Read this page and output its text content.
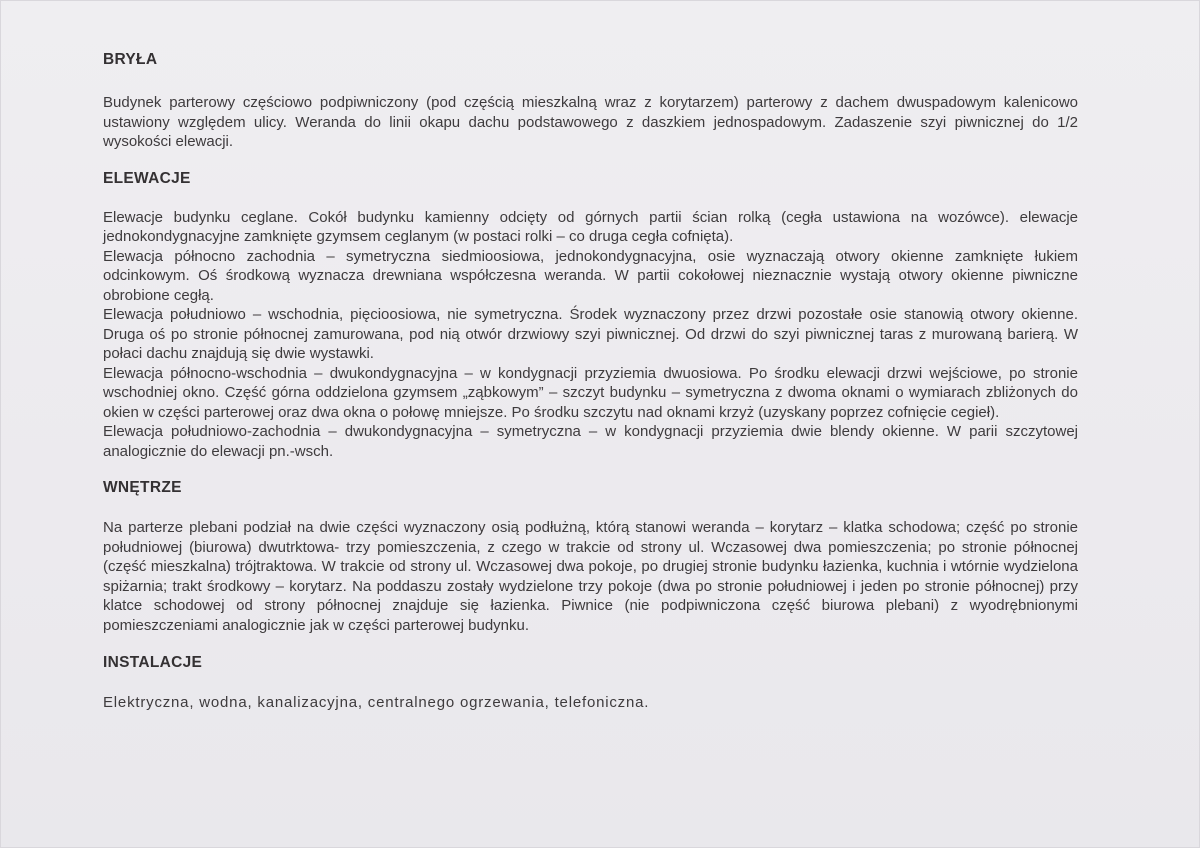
BRYŁA

Budynek parterowy częściowo podpiwniczony (pod częścią mieszkalną wraz z korytarzem) parterowy z dachem dwuspadowym kalenicowo ustawiony względem ulicy. Weranda do linii okapu dachu podstawowego z daszkiem jednospadowym. Zadaszenie szyi piwnicznej do 1/2 wysokości elewacji.

ELEWACJE

Elewacje budynku ceglane. Cokół budynku kamienny odcięty od górnych partii ścian rolką (cegła ustawiona na wozówce). elewacje jednokondygnacyjne zamknięte gzymsem ceglanym (w postaci rolki – co druga cegła cofnięta).

Elewacja północno zachodnia – symetryczna siedmioosiowa, jednokondygnacyjna, osie wyznaczają otwory okienne zamknięte łukiem odcinkowym. Oś środkową wyznacza drewniana współczesna weranda. W partii cokołowej nieznacznie wystają otwory okienne piwniczne obrobione cegłą.

Elewacja południowo – wschodnia, pięcioosiowa, nie symetryczna. Środek wyznaczony przez drzwi pozostałe osie stanowią otwory okienne. Druga oś po stronie północnej zamurowana, pod nią otwór drzwiowy szyi piwnicznej. Od drzwi do szyi piwnicznej taras z murowaną barierą. W połaci dachu znajdują się dwie wystawki.

Elewacja północno-wschodnia – dwukondygnacyjna – w kondygnacji przyziemia dwuosiowa. Po środku elewacji drzwi wejściowe, po stronie wschodniej okno. Część górna oddzielona gzymsem „ząbkowym” – szczyt budynku – symetryczna z dwoma oknami o wymiarach zbliżonych do okien w części parterowej oraz dwa okna o połowę mniejsze. Po środku szczytu nad oknami krzyż (uzyskany poprzez cofnięcie cegieł).

Elewacja południowo-zachodnia – dwukondygnacyjna – symetryczna – w kondygnacji przyziemia dwie blendy okienne. W parii szczytowej analogicznie do elewacji pn.-wsch.

WNĘTRZE

Na parterze plebani podział na dwie części wyznaczony osią podłużną, którą stanowi weranda – korytarz – klatka schodowa; część po stronie południowej (biurowa) dwutrktowa- trzy pomieszczenia, z czego w trakcie od strony ul. Wczasowej dwa pomieszczenia; po stronie północnej (część mieszkalna) trójtraktowa. W trakcie od strony ul. Wczasowej dwa pokoje, po drugiej stronie budynku łazienka, kuchnia i wtórnie wydzielona spiżarnia; trakt środkowy – korytarz. Na poddaszu zostały wydzielone trzy pokoje (dwa po stronie południowej i jeden po stronie północnej) przy klatce schodowej od strony północnej znajduje się łazienka. Piwnice (nie podpiwniczona część biurowa plebani) z wyodrębnionymi pomieszczeniami analogicznie jak w części parterowej budynku.

INSTALACJE

Elektryczna, wodna, kanalizacyjna, centralnego ogrzewania, telefoniczna.
